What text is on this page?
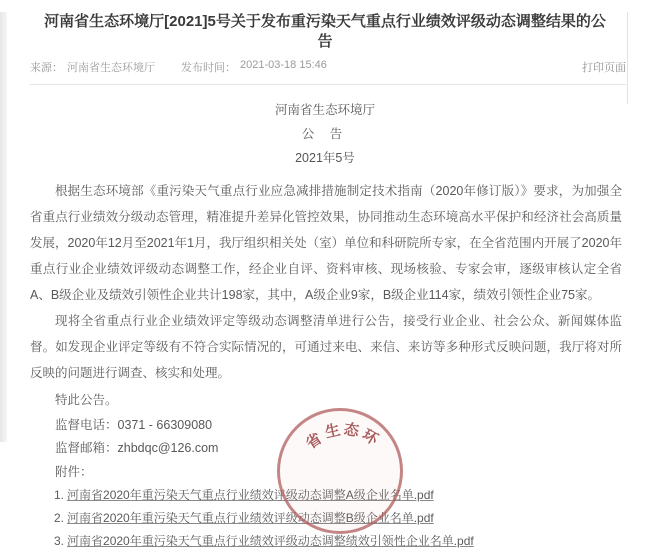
河南省生态环境厅[2021]5号关于发布重污染天气重点行业绩效评级动态调整结果的公告
来源： 河南省生态环境厅 发布时间： 2021-03-18 15:46	打印页面
河南省生态环境厅
公 告
2021年5号

根据生态环境部《重污染天气重点行业应急减排措施制定技术指南（2020年修订版）》要求，为加强全省重点行业绩效分级动态管理，精准提升差异化管控效果，协同推动生态环境高水平保护和经济社会高质量发展，2020年12月至2021年1月，我厅组织相关处（室）单位和科研院所专家，在全省范围内开展了2020年重点行业企业绩效评级动态调整工作，经企业自评、资料审核、现场核验、专家会审，逐级审核认定全省A、B级企业及绩效引领性企业共计198家，其中，A级企业9家，B级企业114家，绩效引领性企业75家。

现将全省重点行业企业绩效评定等级动态调整清单进行公告，接受行业企业、社会公众、新闻媒体监督。如发现企业评定等级有不符合实际情况的，可通过来电、来信、来访等多种形式反映问题，我厅将对所反映的问题进行调查、核实和处理。

特此公告。
监督电话：0371 - 66309080
监督邮箱：zhbdqc@126.com
附件：
1. 河南省2020年重污染天气重点行业绩效评级动态调整A级企业名单.pdf
2. 河南省2020年重污染天气重点行业绩效评级动态调整B级企业名单.pdf
3. 河南省2020年重污染天气重点行业绩效评级动态调整绩效引领性企业名单.pdf
省
生 态 环
